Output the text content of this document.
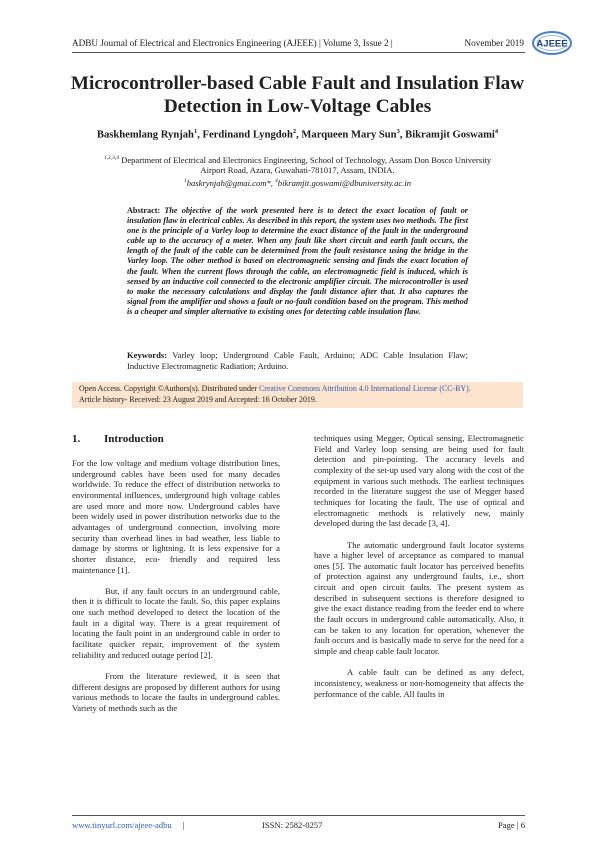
ADBU Journal of Electrical and Electronics Engineering (AJEEE) | Volume 3, Issue 2 |	November 2019 AJEEE
Microcontroller-based Cable Fault and Insulation Flaw Detection in Low-Voltage Cables
Baskhemlang Rynjah$^1$, Ferdinand Lyngdoh$^2$, Marqueen Mary Sun$^3$, Bikramjit Goswami$^4$
$^{1,2,3,4}$ Department of Electrical and Electronics Engineering, School of Technology, Assam Don Bosco University
Airport Road, Azara, Guwahati-781017, Assam, INDIA.
$^1$baskrynjah@gmai.com*, $^4$bikramjit.goswami@dbuniversity.ac.in
Abstract: The objective of the work presented here is to detect the exact location of fault or insulation flaw in electrical cables. As described in this report, the system uses two methods. The first one is the principle of a Varley loop to determine the exact distance of the fault in the underground cable up to the accuracy of a meter. When any fault like short circuit and earth fault occurs, the length of the fault of the cable can be determined from the fault resistance using the bridge in the Varley loop. The other method is based on electromagnetic sensing and finds the exact location of the fault. When the current flows through the cable, an electromagnetic field is induced, which is sensed by an inductive coil connected to the electronic amplifier circuit. The microcontroller is used to make the necessary calculations and display the fault distance after that. It also captures the signal from the amplifier and shows a fault or no-fault condition based on the program. This method is a cheaper and simpler alternative to existing ones for detecting cable insulation flaw.
Keywords: Varley loop; Underground Cable Fault, Arduino; ADC Cable Insulation Flaw; Inductive Electromagnetic Radiation; Arduino.
Open Access. Copyright ©Authors(s). Distributed under Creative Commons Attribution 4.0 International License (CC-BY).
Article history- Received: 23 August 2019 and Accepted: 16 October 2019.
1. Introduction

For the low voltage and medium voltage distribution lines, underground cables have been used for many decades worldwide. To reduce the effect of distribution networks to environmental influences, underground high voltage cables are used more and more now. Underground cables have been widely used in power distribution networks due to the advantages of underground connection, involving more security than overhead lines in bad weather, less liable to damage by storms or lightning. It is less expensive for a shorter distance, eco- friendly and required less maintenance [1].

But, if any fault occurs in an underground cable, then it is difficult to locate the fault. So, this paper explains one such method developed to detect the location of the fault in a digital way. There is a great requirement of locating the fault point in an underground cable in order to facilitate quicker repair, improvement of the system reliability and reduced outage period [2].

From the literature reviewed, it is seen that different designs are proposed by different authors for using various methods to locate the faults in underground cables. Variety of methods such as the

techniques using Megger, Optical sensing, Electromagnetic Field and Varley loop sensing are being used for fault detection and pin-pointing. The accuracy levels and complexity of the set-up used vary along with the cost of the equipment in various such methods. The earliest techniques recorded in the literature suggest the use of Megger based techniques for locating the fault. The use of optical and electromagnetic methods is relatively new, mainly developed during the last decade [3, 4].

The automatic underground fault locator systems have a higher level of acceptance as compared to manual ones [5]. The automatic fault locator has perceived benefits of protection against any underground faults, i.e., short circuit and open circuit faults. The present system as described in subsequent sections is therefore designed to give the exact distance reading from the feeder end to where the fault occurs in underground cable automatically. Also, it can be taken to any location for operation, whenever the fault occurs and is basically made to serve for the need for a simple and cheap cable fault locator.

A cable fault can be defined as any defect, inconsistency, weakness or non-homogeneity that affects the performance of the cable. All faults in

www.tinyurl.com/ajeee-adbu |	ISSN: 2582-0257	Page | 6
